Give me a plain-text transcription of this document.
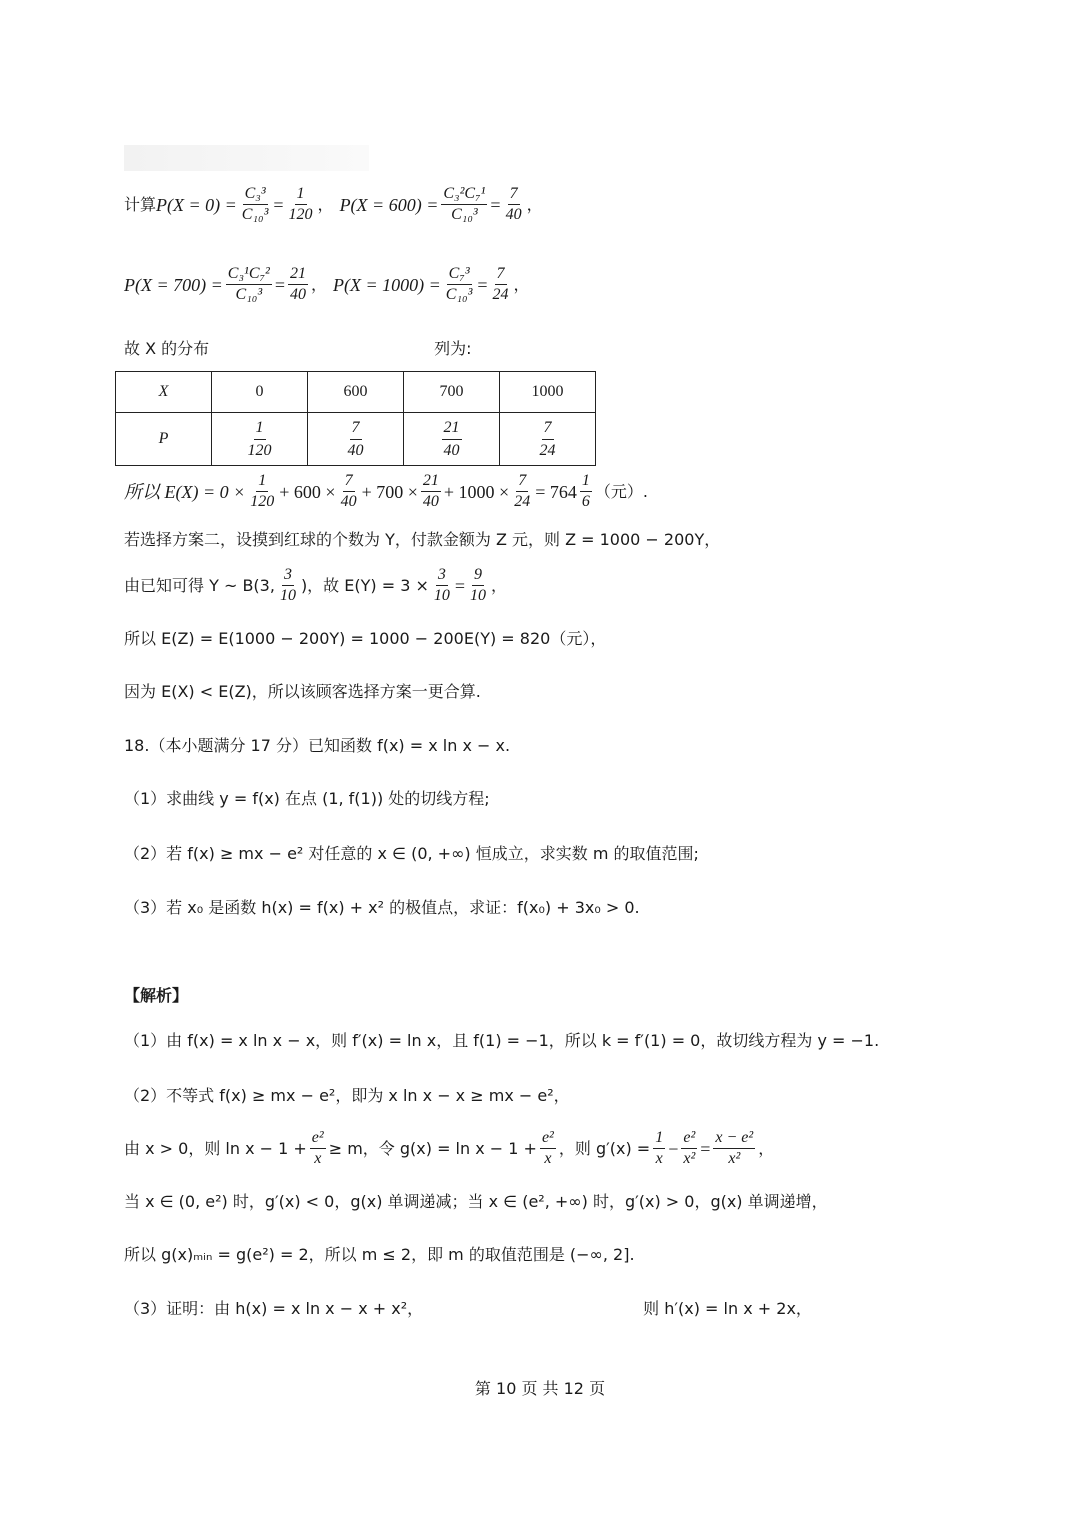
计算 $P(X = 0) = \frac{\text{C₃³}}{\text{C₁₀³}} = \frac{1}{120}$ ， $P(X = 600) = \frac{\text{C₃²C₇¹}}{\text{C₁₀³}} = \frac{7}{40}$ ，
$P(X = 700) = \frac{\text{C₃¹C₇²}}{\text{C₁₀³}} = \frac{21}{40}$ ， $P(X = 1000) = \frac{\text{C₇³}}{\text{C₁₀³}} = \frac{7}{24}$ ，
故 X 的分布	列为:
X	0	600	700	1000
P	$\frac{1}{120}$	$\frac{7}{40}$	$\frac{21}{40}$	$\frac{7}{24}$
所以 $E(X) = 0 \times \frac{1}{120} + 600 \times \frac{7}{40} + 700 \times \frac{21}{40} + 1000 \times \frac{7}{24} = 764 \frac{1}{6}$ （元）.
若选择方案二，设摸到红球的个数为 Y，付款金额为 Z 元，则 Z = 1000 − 200Y，
由已知可得 Y ~ B(3, $\frac{3}{10}$ )，故 $E(Y) = 3 \times \frac{3}{10} = \frac{9}{10}$ ，
所以 E(Z) = E(1000 − 200Y) = 1000 − 200E(Y) = 820（元），
因为 E(X) < E(Z)，所以该顾客选择方案一更合算.
18.（本小题满分 17 分）已知函数 f(x) = x ln x − x.
（1）求曲线 y = f(x) 在点 (1, f(1)) 处的切线方程;
（2）若 f(x) ≥ mx − e² 对任意的 x ∈ (0, +∞) 恒成立，求实数 m 的取值范围;
（3）若 x₀ 是函数 h(x) = f(x) + x² 的极值点，求证：f(x₀) + 3x₀ > 0.
【解析】
（1）由 f(x) = x ln x − x，则 f′(x) = ln x，且 f(1) = −1，所以 k = f′(1) = 0，故切线方程为 y = −1.
（2）不等式 f(x) ≥ mx − e²，即为 x ln x − x ≥ mx − e²，
由 x > 0，则 $\ln x - 1 + \frac{\text{e²}}{x} \ge m$，令 $g(x) = \ln x - 1 + \frac{\text{e²}}{x}$ ，则 $g'(x) = \frac{1}{x} - \frac{\text{e²}}{\text{x²}} = \frac{\text{x − e²}}{\text{x²}}$ ，
当 x ∈ (0, e²) 时，g′(x) < 0，g(x) 单调递减；当 x ∈ (e², +∞) 时，g′(x) > 0，g(x) 单调递增，
所以 g(x)ₘᵢₙ = g(e²) = 2，所以 m ≤ 2，即 m 的取值范围是 (−∞, 2].
（3）证明：由 h(x) = x ln x − x + x²，	则 h′(x) = ln x + 2x，
第 10 页 共 12 页
